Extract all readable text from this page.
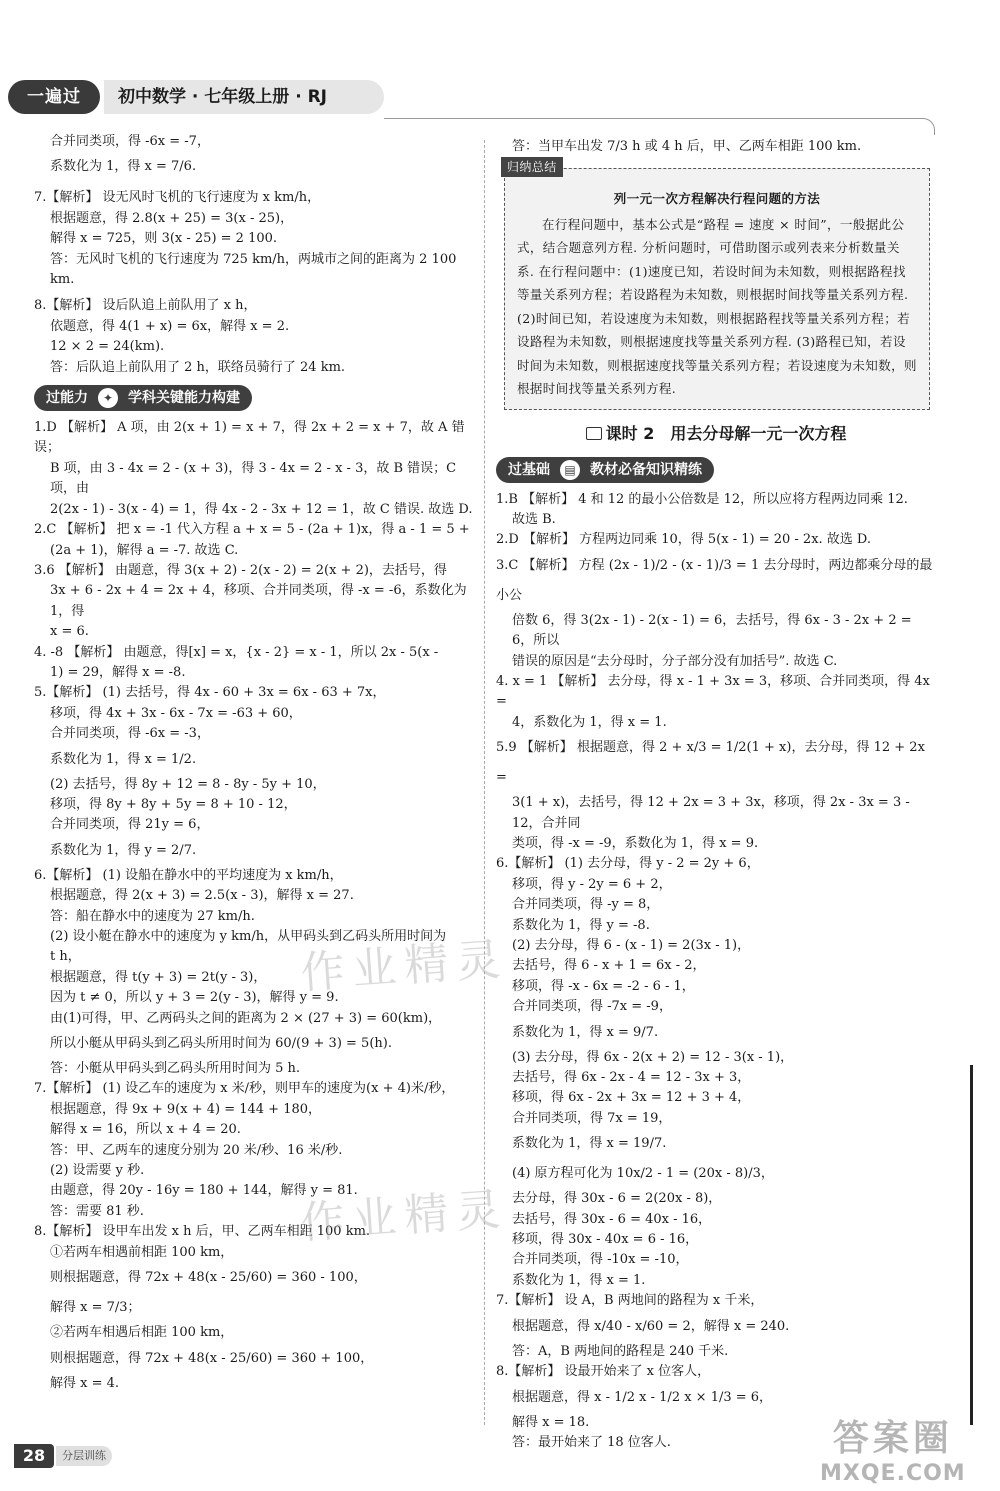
一遍过	初中数学 · 七年级上册 · RJ

合并同类项，得 -6x = -7，

系数化为 1，得 x = 7/6.

7.【解析】 设无风时飞机的飞行速度为 x km/h，

根据题意，得 2.8(x + 25) = 3(x - 25)，

解得 x = 725，则 3(x - 25) = 2 100.

答：无风时飞机的飞行速度为 725 km/h，两城市之间的距离为 2 100 km.

8.【解析】 设后队追上前队用了 x h，

依题意，得 4(1 + x) = 6x，解得 x = 2.

12 × 2 = 24(km).

答：后队追上前队用了 2 h，联络员骑行了 24 km.

过能力	✦	学科关键能力构建

1.D 【解析】 A 项，由 2(x + 1) = x + 7，得 2x + 2 = x + 7，故 A 错误；

B 项，由 3 - 4x = 2 - (x + 3)，得 3 - 4x = 2 - x - 3，故 B 错误；C 项，由

2(2x - 1) - 3(x - 4) = 1，得 4x - 2 - 3x + 12 = 1，故 C 错误. 故选 D.

2.C 【解析】 把 x = -1 代入方程 a + x = 5 - (2a + 1)x，得 a - 1 = 5 +

(2a + 1)，解得 a = -7. 故选 C.

3.6 【解析】 由题意，得 3(x + 2) - 2(x - 2) = 2(x + 2)，去括号，得

3x + 6 - 2x + 4 = 2x + 4，移项、合并同类项，得 -x = -6，系数化为 1，得

x = 6.

4. -8 【解析】 由题意，得[x] = x，{x - 2} = x - 1，所以 2x - 5(x -

1) = 29，解得 x = -8.

5.【解析】 (1) 去括号，得 4x - 60 + 3x = 6x - 63 + 7x，

移项，得 4x + 3x - 6x - 7x = -63 + 60，

合并同类项，得 -6x = -3，

系数化为 1，得 x = 1/2.

(2) 去括号，得 8y + 12 = 8 - 8y - 5y + 10，

移项，得 8y + 8y + 5y = 8 + 10 - 12，

合并同类项，得 21y = 6，

系数化为 1，得 y = 2/7.

6.【解析】 (1) 设船在静水中的平均速度为 x km/h，

根据题意，得 2(x + 3) = 2.5(x - 3)，解得 x = 27.

答：船在静水中的速度为 27 km/h.

(2) 设小艇在静水中的速度为 y km/h，从甲码头到乙码头所用时间为

t h，

根据题意，得 t(y + 3) = 2t(y - 3)，

因为 t ≠ 0，所以 y + 3 = 2(y - 3)，解得 y = 9.

由(1)可得，甲、乙两码头之间的距离为 2 × (27 + 3) = 60(km)，

所以小艇从甲码头到乙码头所用时间为 60/(9 + 3) = 5(h).

答：小艇从甲码头到乙码头所用时间为 5 h.

7.【解析】 (1) 设乙车的速度为 x 米/秒，则甲车的速度为(x + 4)米/秒，

根据题意，得 9x + 9(x + 4) = 144 + 180，

解得 x = 16，所以 x + 4 = 20.

答：甲、乙两车的速度分别为 20 米/秒、16 米/秒.

(2) 设需要 y 秒.

由题意，得 20y - 16y = 180 + 144，解得 y = 81.

答：需要 81 秒.

8.【解析】 设甲车出发 x h 后，甲、乙两车相距 100 km.

①若两车相遇前相距 100 km，

则根据题意，得 72x + 48(x - 25/60) = 360 - 100，

解得 x = 7/3；

②若两车相遇后相距 100 km，

则根据题意，得 72x + 48(x - 25/60) = 360 + 100，

解得 x = 4.

答：当甲车出发 7/3 h 或 4 h 后，甲、乙两车相距 100 km.

归纳总结
列一元一次方程解决行程问题的方法

在行程问题中，基本公式是“路程 = 速度 × 时间”，一般据此公式，结合题意列方程. 分析问题时，可借助图示或列表来分析数量关系. 在行程问题中：(1)速度已知，若设时间为未知数，则根据路程找等量关系列方程；若设路程为未知数，则根据时间找等量关系列方程. (2)时间已知，若设速度为未知数，则根据路程找等量关系列方程；若设路程为未知数，则根据速度找等量关系列方程. (3)路程已知，若设时间为未知数，则根据速度找等量关系列方程；若设速度为未知数，则根据时间找等量关系列方程.

课时 2　用去分母解一元一次方程
过基础	▤	教材必备知识精练

1.B 【解析】 4 和 12 的最小公倍数是 12，所以应将方程两边同乘 12.

故选 B.

2.D 【解析】 方程两边同乘 10，得 5(x - 1) = 20 - 2x. 故选 D.

3.C 【解析】 方程 (2x - 1)/2 - (x - 1)/3 = 1 去分母时，两边都乘分母的最小公

倍数 6，得 3(2x - 1) - 2(x - 1) = 6，去括号，得 6x - 3 - 2x + 2 = 6，所以

错误的原因是“去分母时，分子部分没有加括号”. 故选 C.

4. x = 1 【解析】 去分母，得 x - 1 + 3x = 3，移项、合并同类项，得 4x =

4，系数化为 1，得 x = 1.

5.9 【解析】 根据题意，得 2 + x/3 = 1/2(1 + x)，去分母，得 12 + 2x =

3(1 + x)，去括号，得 12 + 2x = 3 + 3x，移项，得 2x - 3x = 3 - 12，合并同

类项，得 -x = -9，系数化为 1，得 x = 9.

6.【解析】 (1) 去分母，得 y - 2 = 2y + 6，

移项，得 y - 2y = 6 + 2，

合并同类项，得 -y = 8，

系数化为 1，得 y = -8.

(2) 去分母，得 6 - (x - 1) = 2(3x - 1)，

去括号，得 6 - x + 1 = 6x - 2，

移项，得 -x - 6x = -2 - 6 - 1，

合并同类项，得 -7x = -9，

系数化为 1，得 x = 9/7.

(3) 去分母，得 6x - 2(x + 2) = 12 - 3(x - 1)，

去括号，得 6x - 2x - 4 = 12 - 3x + 3，

移项，得 6x - 2x + 3x = 12 + 3 + 4，

合并同类项，得 7x = 19，

系数化为 1，得 x = 19/7.

(4) 原方程可化为 10x/2 - 1 = (20x - 8)/3，

去分母，得 30x - 6 = 2(20x - 8)，

去括号，得 30x - 6 = 40x - 16，

移项，得 30x - 40x = 6 - 16，

合并同类项，得 -10x = -10，

系数化为 1，得 x = 1.

7.【解析】 设 A，B 两地间的路程为 x 千米，

根据题意，得 x/40 - x/60 = 2，解得 x = 240.

答：A，B 两地间的路程是 240 千米.

8.【解析】 设最开始来了 x 位客人，

根据题意，得 x - 1/2 x - 1/2 x × 1/3 = 6，

解得 x = 18.

答：最开始来了 18 位客人.

作业精灵
作业精灵
答案圈
MXQE.COM
28	分层训练
